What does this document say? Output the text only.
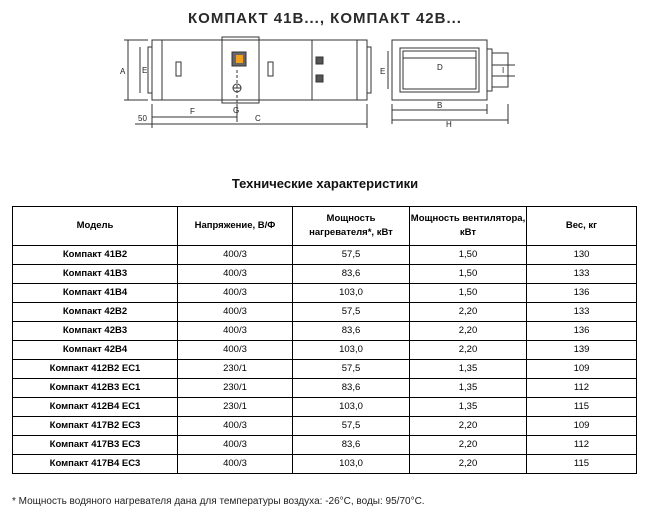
КОМПАКТ 41B..., КОМПАКТ 42B...
A E
F	G
C
50
E	D	I
B
H
Технические характеристики
Модель	Напряжение, В/Ф	Мощность нагревателя*, кВт	Мощность вентилятора, кВт	Вес, кг
Компакт 41B2	400/3	57,5	1,50	130
Компакт 41B3	400/3	83,6	1,50	133
Компакт 41B4	400/3	103,0	1,50	136
Компакт 42B2	400/3	57,5	2,20	133
Компакт 42B3	400/3	83,6	2,20	136
Компакт 42B4	400/3	103,0	2,20	139
Компакт 412B2 EC1	230/1	57,5	1,35	109
Компакт 412B3 EC1	230/1	83,6	1,35	112
Компакт 412B4 EC1	230/1	103,0	1,35	115
Компакт 417B2 EC3	400/3	57,5	2,20	109
Компакт 417B3 EC3	400/3	83,6	2,20	112
Компакт 417B4 EC3	400/3	103,0	2,20	115
* Мощность водяного нагревателя дана для температуры воздуха: -26°C, воды: 95/70°C.
